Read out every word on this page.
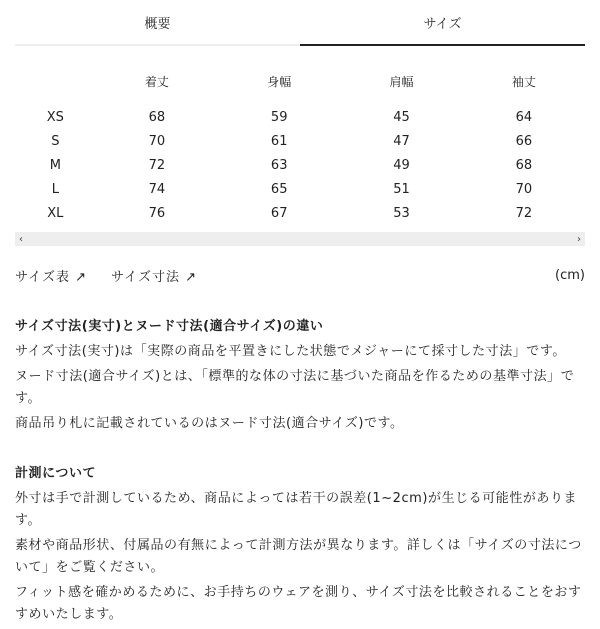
概要	サイズ
	着丈	身幅	肩幅	袖丈

XS	68	59	45	64
S	70	61	47	66
M	72	63	49	68
L	74	65	51	70
XL	76	67	53	72
‹	›
サイズ表 ↗ サイズ寸法 ↗	(cm)
サイズ寸法(実寸)とヌード寸法(適合サイズ)の違い

サイズ寸法(実寸)は「実際の商品を平置きにした状態でメジャーにて採寸した寸法」です。

ヌード寸法(適合サイズ)とは、「標準的な体の寸法に基づいた商品を作るための基準寸法」です。

商品吊り札に記載されているのはヌード寸法(適合サイズ)です。

計測について

外寸は手で計測しているため、商品によっては若干の誤差(1~2cm)が生じる可能性があります。

素材や商品形状、付属品の有無によって計測方法が異なります。詳しくは「サイズの寸法について」をご覧ください。

フィット感を確かめるために、お手持ちのウェアを測り、サイズ寸法を比較されることをおすすめいたします。
